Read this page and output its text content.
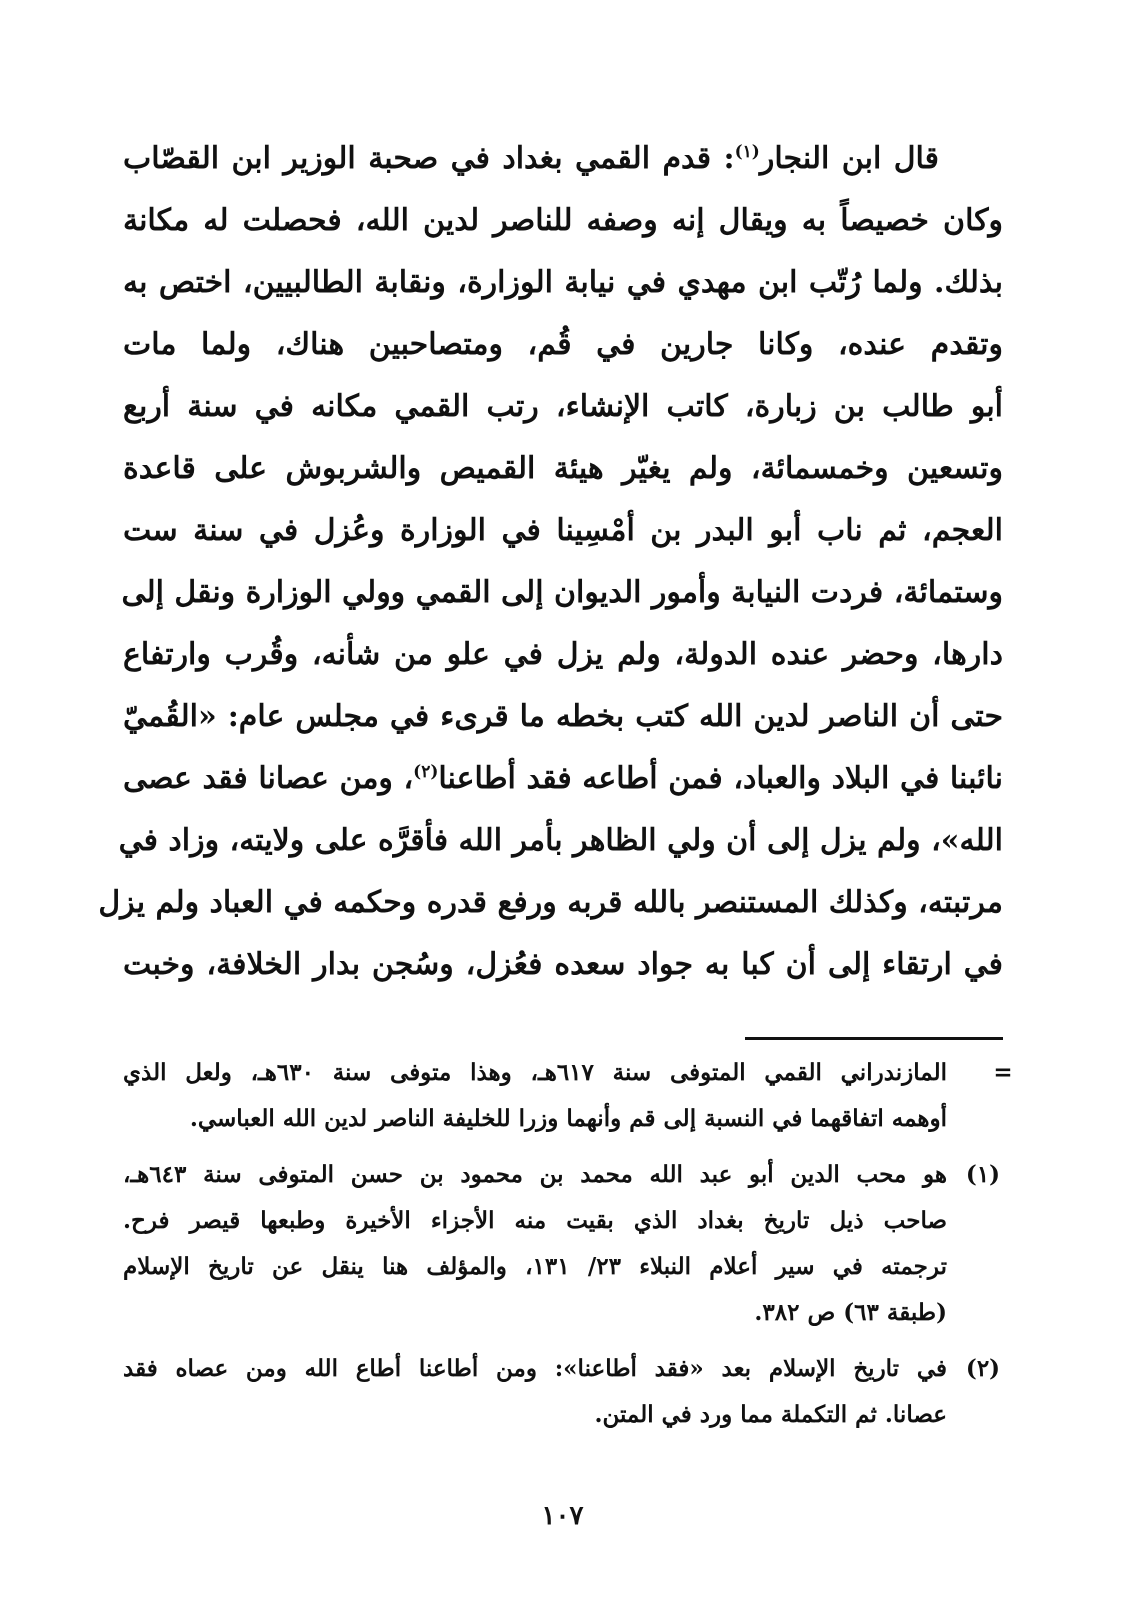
قال ابن النجار$^{(١)}$: قدم القمي بغداد في صحبة الوزير ابن القصّاب
وكان خصيصاً به ويقال إنه وصفه للناصر لدين الله، فحصلت له مكانة
بذلك. ولما رُتّب ابن مهدي في نيابة الوزارة، ونقابة الطالبيين، اختص به
وتقدم عنده، وكانا جارين في قُم، ومتصاحبين هناك، ولما مات
أبو طالب بن زبارة، كاتب الإنشاء، رتب القمي مكانه في سنة أربع
وتسعين وخمسمائة، ولم يغيّر هيئة القميص والشربوش على قاعدة
العجم، ثم ناب أبو البدر بن أمْسِينا في الوزارة وعُزل في سنة ست
وستمائة، فردت النيابة وأمور الديوان إلى القمي وولي الوزارة ونقل إلى
دارها، وحضر عنده الدولة، ولم يزل في علو من شأنه، وقُرب وارتفاع
حتى أن الناصر لدين الله كتب بخطه ما قرىء في مجلس عام: «القُميّ
نائبنا في البلاد والعباد، فمن أطاعه فقد أطاعنا$^{(٢)}$، ومن عصانا فقد عصى
الله»، ولم يزل إلى أن ولي الظاهر بأمر الله فأقرَّه على ولايته، وزاد في
مرتبته، وكذلك المستنصر بالله قربه ورفع قدره وحكمه في العباد ولم يزل
في ارتقاء إلى أن كبا به جواد سعده فعُزل، وسُجن بدار الخلافة، وخبت
=
المازندراني القمي المتوفى سنة ٦١٧هـ، وهذا متوفى سنة ٦٣٠هـ، ولعل الذي
أوهمه اتفاقهما في النسبة إلى قم وأنهما وزرا للخليفة الناصر لدين الله العباسي.
(١)
هو محب الدين أبو عبد الله محمد بن محمود بن حسن المتوفى سنة ٦٤٣هـ،
صاحب ذيل تاريخ بغداد الذي بقيت منه الأجزاء الأخيرة وطبعها قيصر فرح.
ترجمته في سير أعلام النبلاء ٢٣/ ١٣١، والمؤلف هنا ينقل عن تاريخ الإسلام
(طبقة ٦٣) ص ٣٨٢.
(٢)
في تاريخ الإسلام بعد «فقد أطاعنا»: ومن أطاعنا أطاع الله ومن عصاه فقد
عصانا. ثم التكملة مما ورد في المتن.
١٠٧
